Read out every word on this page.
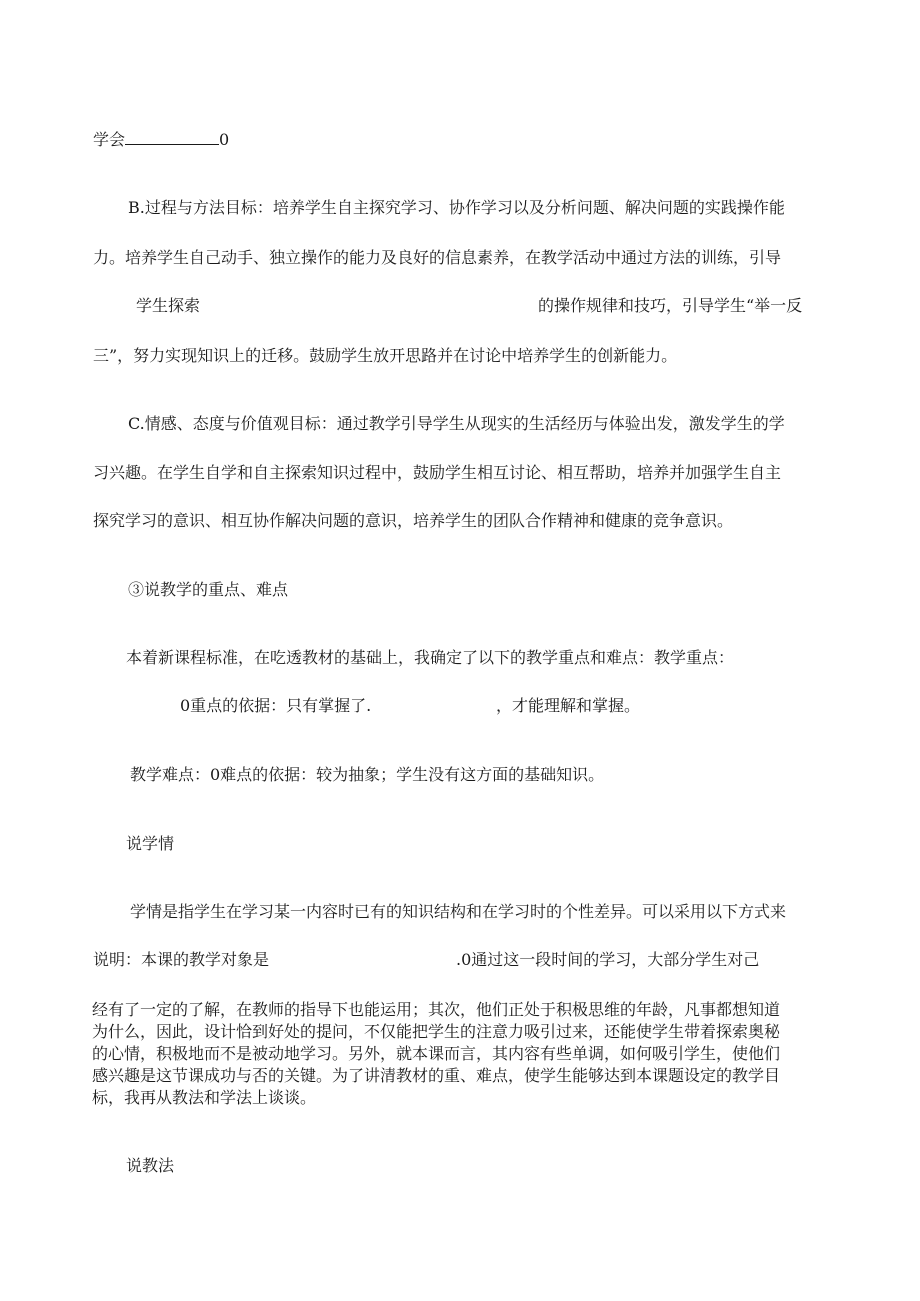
学会	0
B.过程与方法目标：培养学生自主探究学习、协作学习以及分析问题、解决问题的实践操作能
力。培养学生自己动手、独立操作的能力及良好的信息素养，在教学活动中通过方法的训练，引导
学生探索	的操作规律和技巧，引导学生“举一反
三”，努力实现知识上的迁移。鼓励学生放开思路并在讨论中培养学生的创新能力。
C.情感、态度与价值观目标：通过教学引导学生从现实的生活经历与体验出发，激发学生的学
习兴趣。在学生自学和自主探索知识过程中，鼓励学生相互讨论、相互帮助，培养并加强学生自主
探究学习的意识、相互协作解决问题的意识，培养学生的团队合作精神和健康的竞争意识。
③说教学的重点、难点
本着新课程标准，在吃透教材的基础上，我确定了以下的教学重点和难点：教学重点：
0重点的依据：只有掌握了.	，才能理解和掌握。
教学难点：0难点的依据：较为抽象；学生没有这方面的基础知识。
说学情
学情是指学生在学习某一内容时已有的知识结构和在学习时的个性差异。可以采用以下方式来
说明：本课的教学对象是	.0通过这一段时间的学习，大部分学生对己
经有了一定的了解，在教师的指导下也能运用；其次，他们正处于积极思维的年龄，凡事都想知道
为什么，因此，设计恰到好处的提问，不仅能把学生的注意力吸引过来，还能使学生带着探索奥秘
的心情，积极地而不是被动地学习。另外，就本课而言，其内容有些单调，如何吸引学生，使他们
感兴趣是这节课成功与否的关键。为了讲清教材的重、难点，使学生能够达到本课题设定的教学目
标，我再从教法和学法上谈谈。
说教法
